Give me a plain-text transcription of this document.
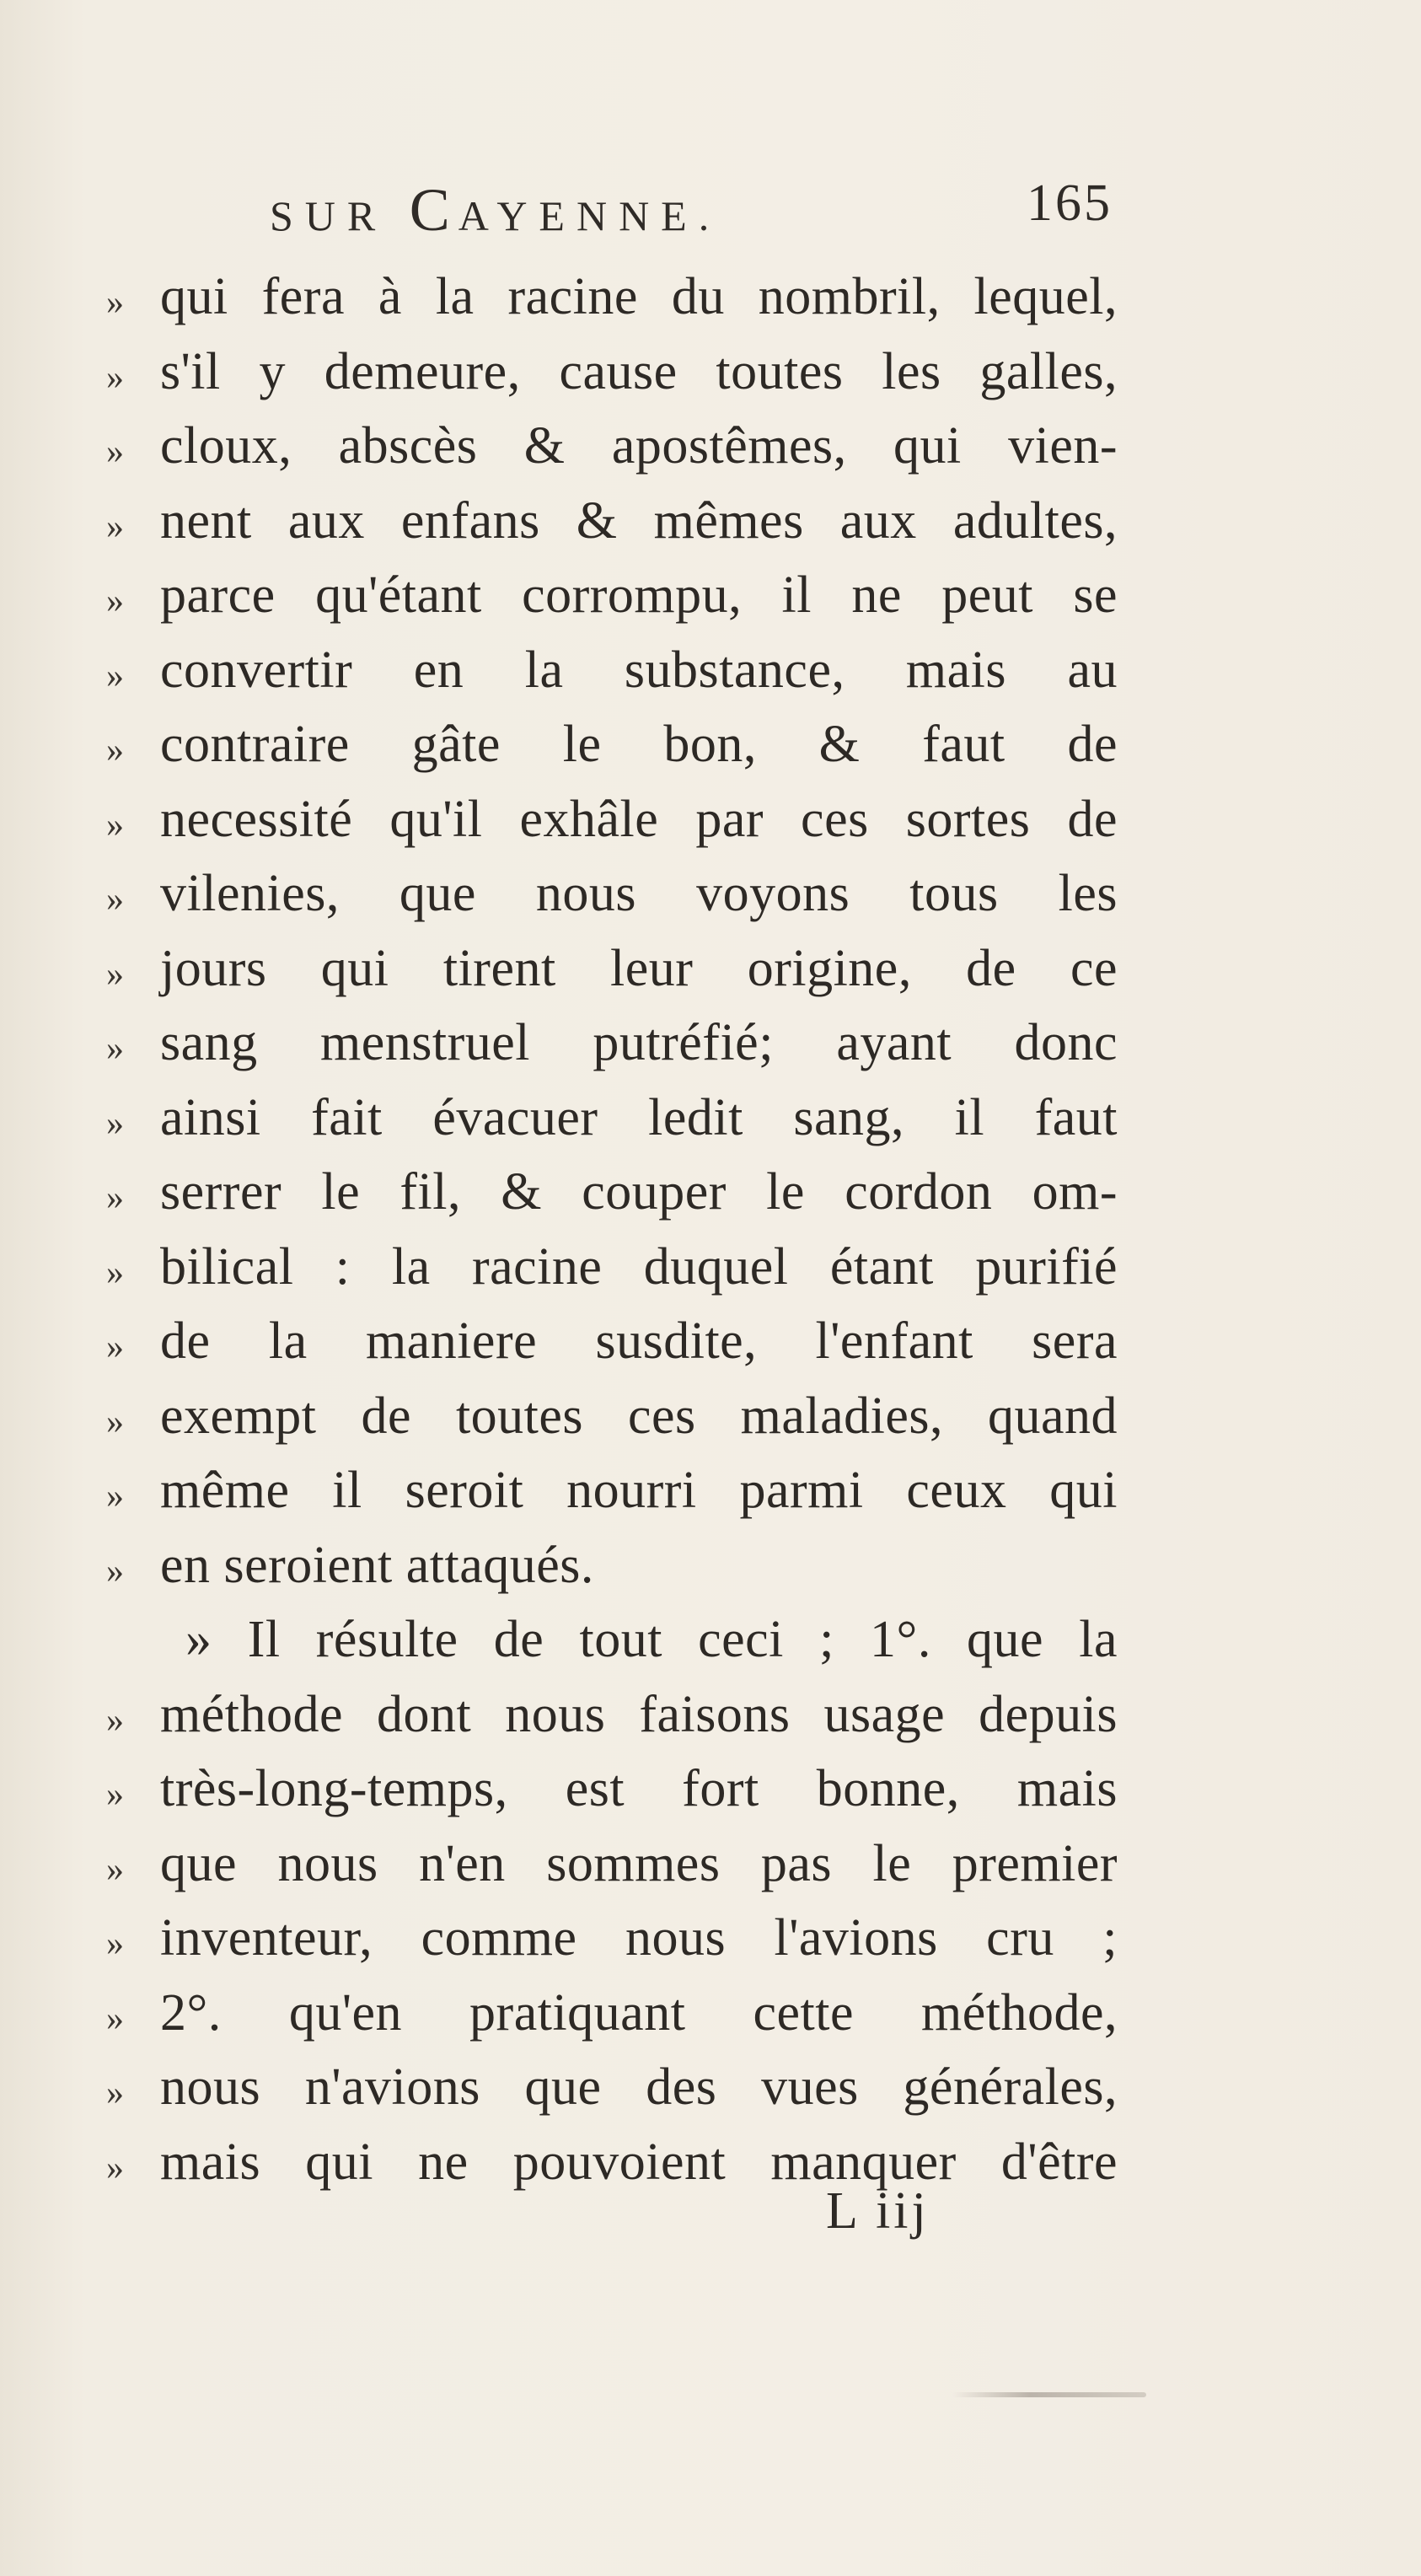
SUR CAYENNE.	165
» qui fera à la racine du nombril, lequel,
» s'il y demeure, cause toutes les galles,
» cloux, abscès & apostêmes, qui vien-
» nent aux enfans & mêmes aux adultes,
» parce qu'étant corrompu, il ne peut se
» convertir en la substance, mais au
» contraire gâte le bon, & faut de
» necessité qu'il exhâle par ces sortes de
» vilenies, que nous voyons tous les
» jours qui tirent leur origine, de ce
» sang menstruel putréfié; ayant donc
» ainsi fait évacuer ledit sang, il faut
» serrer le fil, & couper le cordon om-
» bilical : la racine duquel étant purifié
» de la maniere susdite, l'enfant sera
» exempt de toutes ces maladies, quand
» même il seroit nourri parmi ceux qui
» en seroient attaqués.
» Il résulte de tout ceci ; 1°. que la
» méthode dont nous faisons usage depuis
» très-long-temps, est fort bonne, mais
» que nous n'en sommes pas le premier
» inventeur, comme nous l'avions cru ;
» 2°. qu'en pratiquant cette méthode,
» nous n'avions que des vues générales,
» mais qui ne pouvoient manquer d'être
L iij
